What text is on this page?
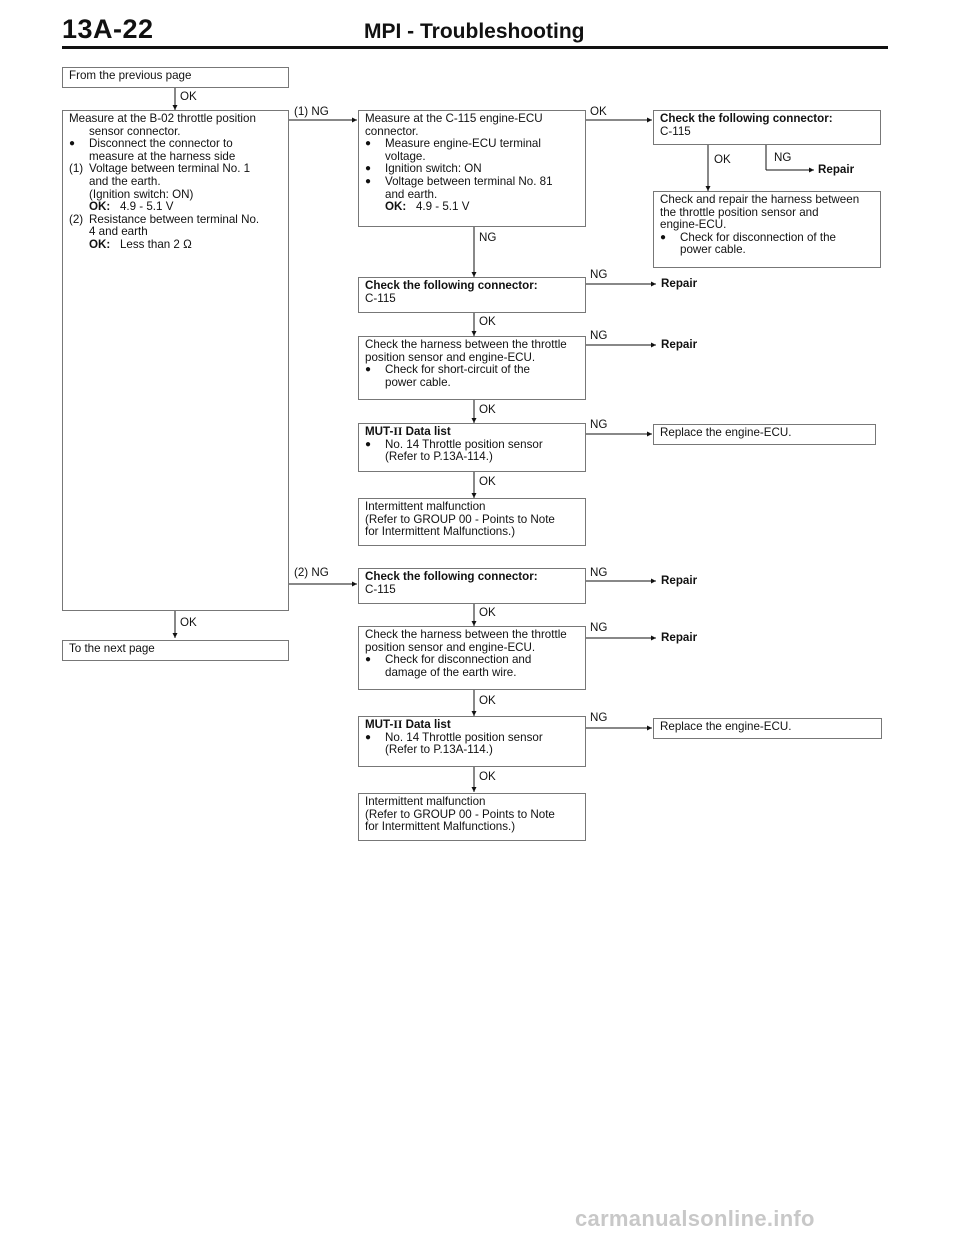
13A-22	MPI - Troubleshooting
From the previous page
OK
Measure at the B-02 throttle position
sensor connector.
● Disconnect the connector to
measure at the harness side
(1) Voltage between terminal No. 1
and the earth.
(Ignition switch: ON)
OK: 4.9 - 5.1 V
(2) Resistance between terminal No.
4 and earth
OK: Less than 2 Ω
OK
To the next page
(1) NG
(2) NG
Measure at the C-115 engine-ECU
connector.
● Measure engine-ECU terminal
voltage.
● Ignition switch: ON
● Voltage between terminal No. 81
and earth.
OK: 4.9 - 5.1 V
OK
NG
Check the following connector:
C-115
NG
Repair
OK
Check the harness between the throttle
position sensor and engine-ECU.
● Check for short-circuit of the
power cable.
NG
Repair
OK
MUT-II Data list
● No. 14 Throttle position sensor
(Refer to P.13A-114.)
NG
Replace the engine-ECU.
OK
Intermittent malfunction
(Refer to GROUP 00 - Points to Note
for Intermittent Malfunctions.)
Check the following connector:
C-115
NG
Repair
OK
Check the harness between the throttle
position sensor and engine-ECU.
● Check for disconnection and
damage of the earth wire.
NG
Repair
OK
MUT-II Data list
● No. 14 Throttle position sensor
(Refer to P.13A-114.)
NG
Replace the engine-ECU.
OK
Intermittent malfunction
(Refer to GROUP 00 - Points to Note
for Intermittent Malfunctions.)
Check the following connector:
C-115
OK	NG
Repair
Check and repair the harness between
the throttle position sensor and
engine-ECU.
● Check for disconnection of the
power cable.
carmanualsonline.info
